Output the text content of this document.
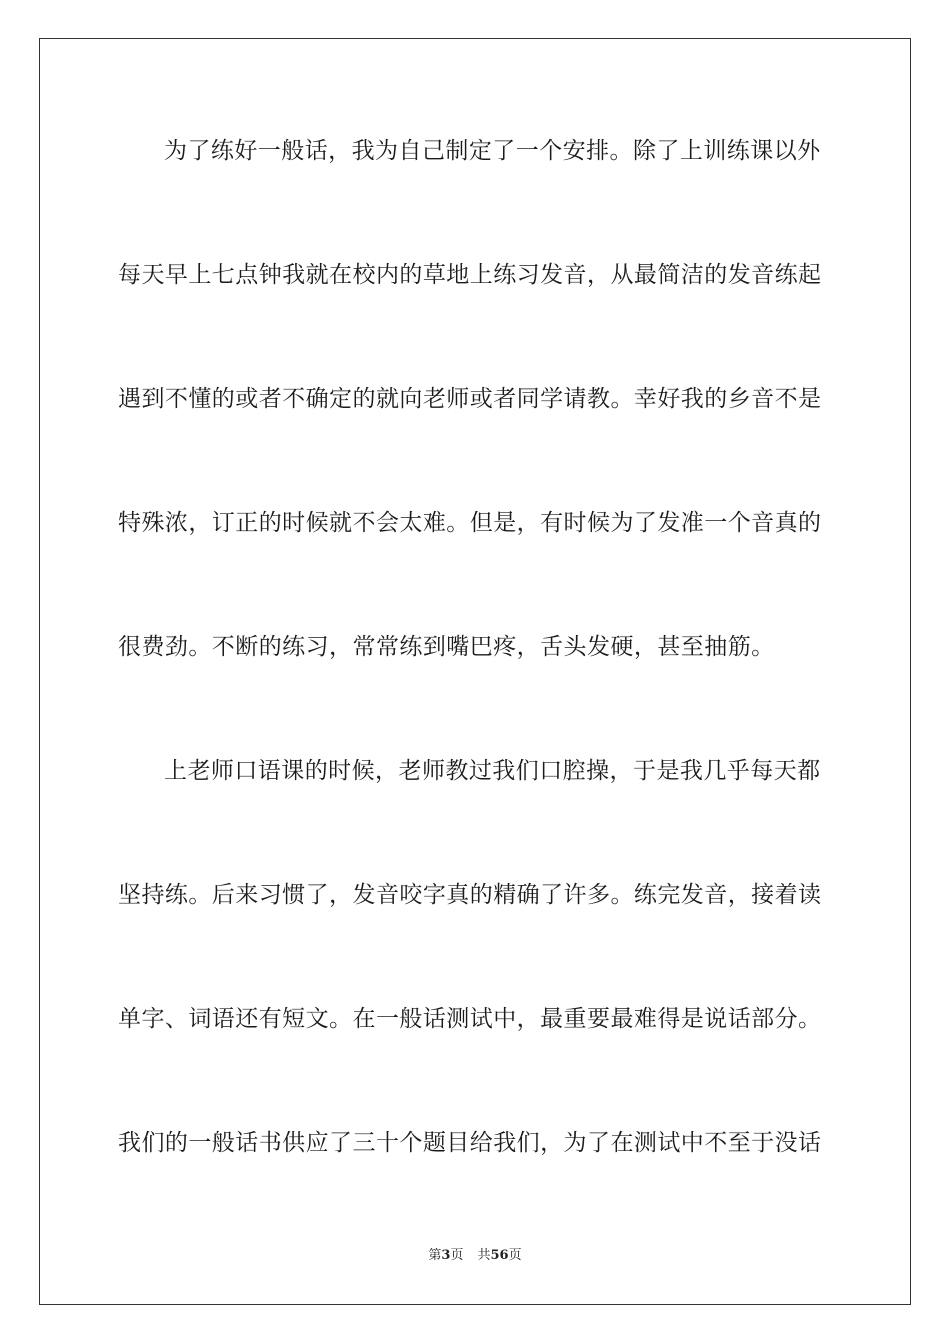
为了练好一般话，我为自己制定了一个安排。除了上训练课以外
每天早上七点钟我就在校内的草地上练习发音，从最简洁的发音练起
遇到不懂的或者不确定的就向老师或者同学请教。幸好我的乡音不是
特殊浓，订正的时候就不会太难。但是，有时候为了发准一个音真的
很费劲。不断的练习，常常练到嘴巴疼，舌头发硬，甚至抽筋。
上老师口语课的时候，老师教过我们口腔操，于是我几乎每天都
坚持练。后来习惯了，发音咬字真的精确了许多。练完发音，接着读
单字、词语还有短文。在一般话测试中，最重要最难得是说话部分。
我们的一般话书供应了三十个题目给我们，为了在测试中不至于没话
第3页 共56页
